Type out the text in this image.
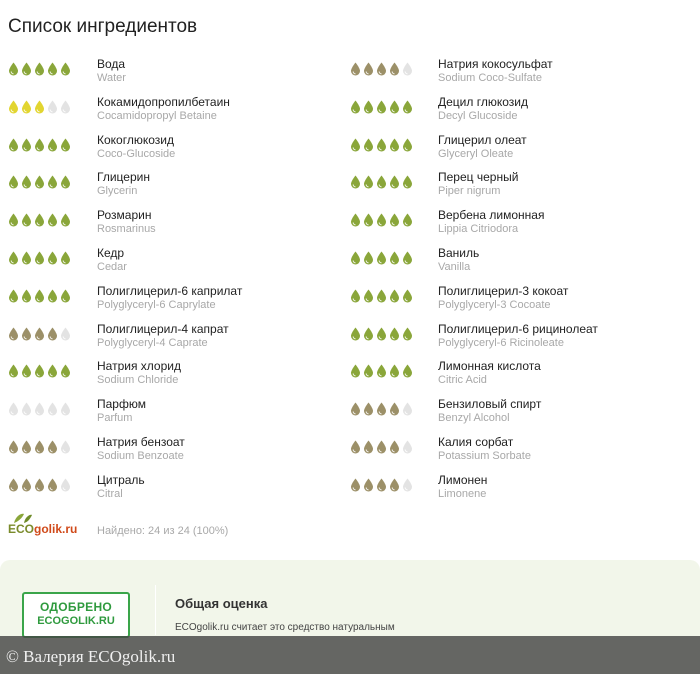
Список ингредиентов
Вода
Water
Кокамидопропилбетаин
Cocamidopropyl Betaine
Кокоглюкозид
Coco-Glucoside
Глицерин
Glycerin
Розмарин
Rosmarinus
Кедр
Cedar
Полиглицерил-6 каприлат
Polyglyceryl-6 Caprylate
Полиглицерил-4 капрат
Polyglyceryl-4 Caprate
Натрия хлорид
Sodium Chloride
Парфюм
Parfum
Натрия бензоат
Sodium Benzoate
Цитраль
Citral
Натрия кокосульфат
Sodium Coco-Sulfate
Децил глюкозид
Decyl Glucoside
Глицерил олеат
Glyceryl Oleate
Перец черный
Piper nigrum
Вербена лимонная
Lippia Citriodora
Ваниль
Vanilla
Полиглицерил-3 кокоат
Polyglyceryl-3 Cocoate
Полиглицерил-6 рицинолеат
Polyglyceryl-6 Ricinoleate
Лимонная кислота
Citric Acid
Бензиловый спирт
Benzyl Alcohol
Калия сорбат
Potassium Sorbate
Лимонен
Limonene
ECOgolik.ru Найдено: 24 из 24 (100%)
ОДОБРЕНО
ECOGOLIK.RU
Общая оценка
ECOgolik.ru считает это средство натуральным
© Валерия ECOgolik.ru
